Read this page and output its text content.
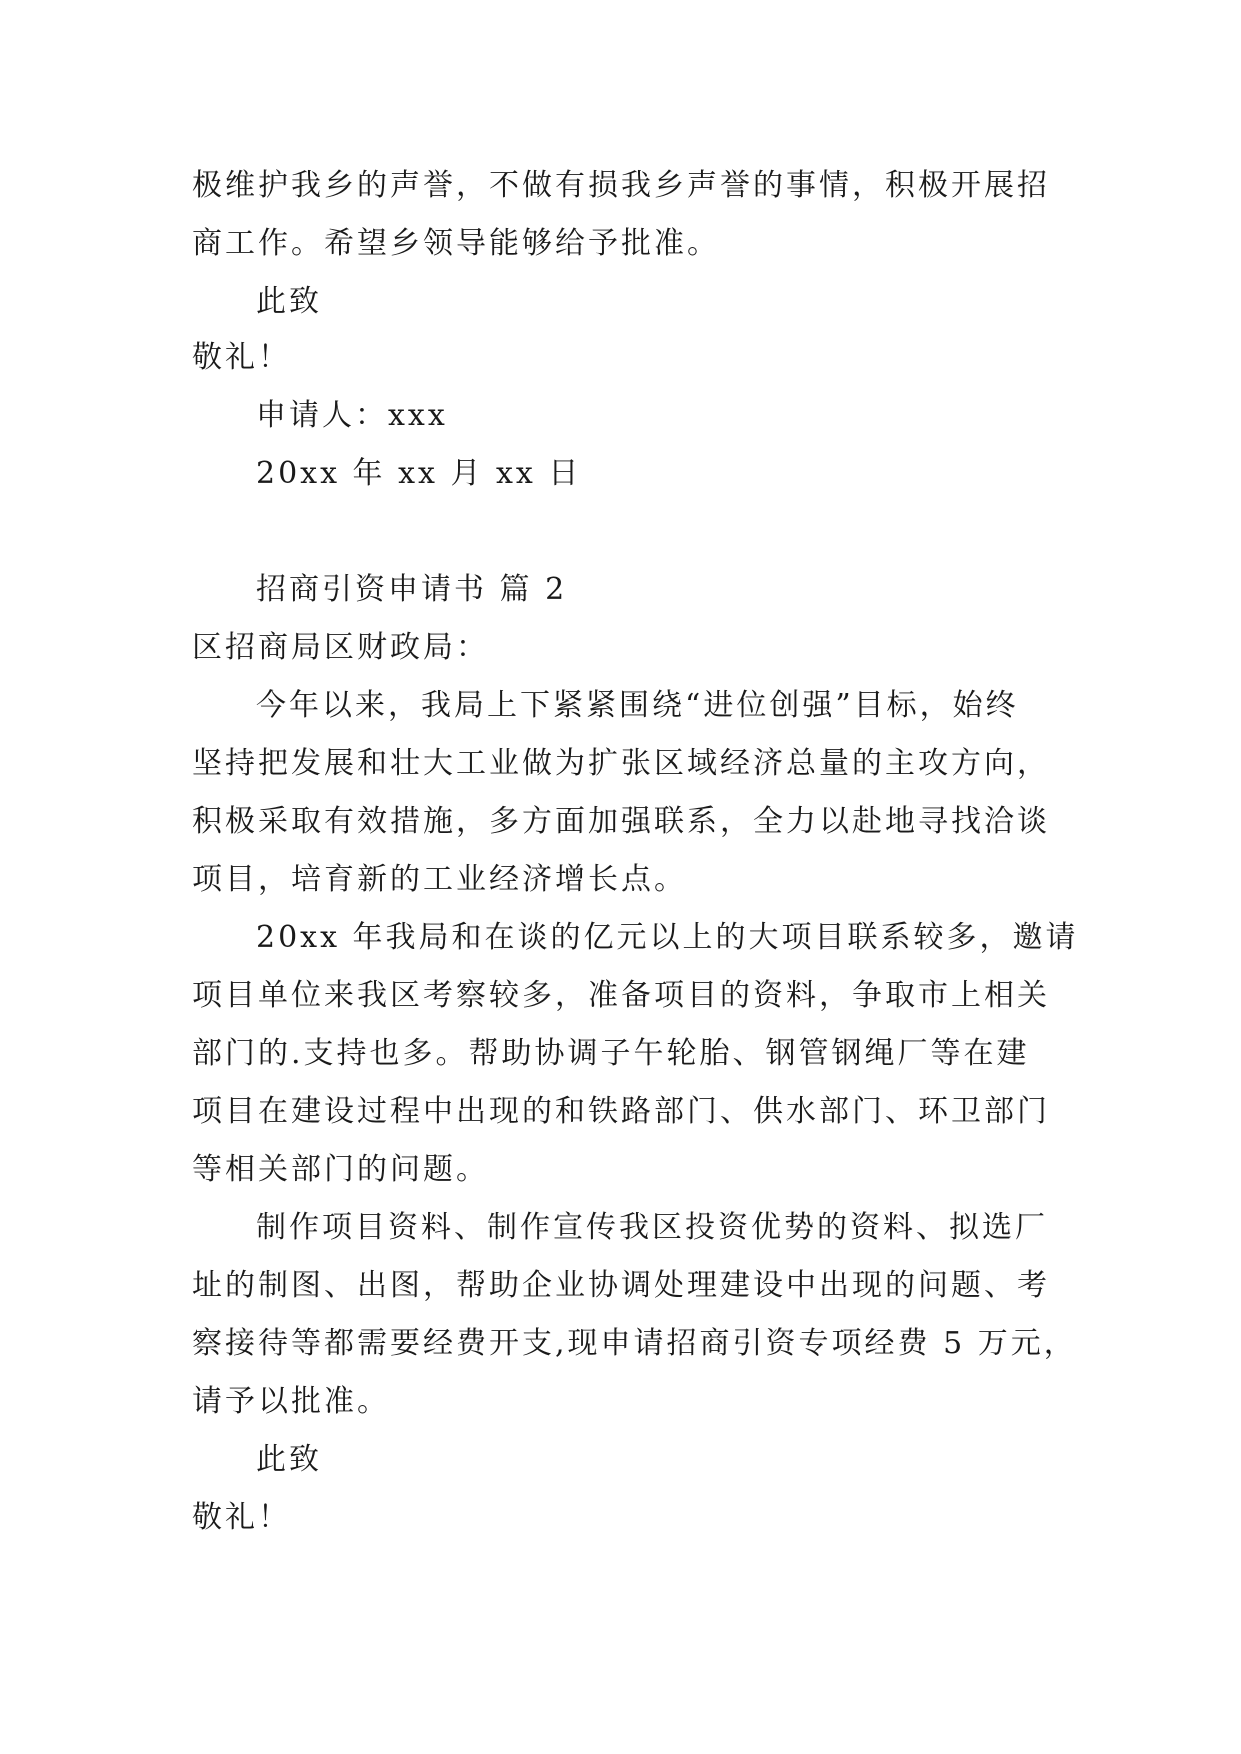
极维护我乡的声誉，不做有损我乡声誉的事情，积极开展招
商工作。希望乡领导能够给予批准。
此致
敬礼！
申请人：xxx
20xx 年 xx 月 xx 日
招商引资申请书 篇 2
区招商局区财政局：
今年以来，我局上下紧紧围绕“进位创强”目标，始终
坚持把发展和壮大工业做为扩张区域经济总量的主攻方向，
积极采取有效措施，多方面加强联系，全力以赴地寻找洽谈
项目，培育新的工业经济增长点。
20xx 年我局和在谈的亿元以上的大项目联系较多，邀请
项目单位来我区考察较多，准备项目的资料，争取市上相关
部门的.支持也多。帮助协调子午轮胎、钢管钢绳厂等在建
项目在建设过程中出现的和铁路部门、供水部门、环卫部门
等相关部门的问题。
制作项目资料、制作宣传我区投资优势的资料、拟选厂
址的制图、出图，帮助企业协调处理建设中出现的问题、考
察接待等都需要经费开支,现申请招商引资专项经费 5 万元，
请予以批准。
此致
敬礼！
